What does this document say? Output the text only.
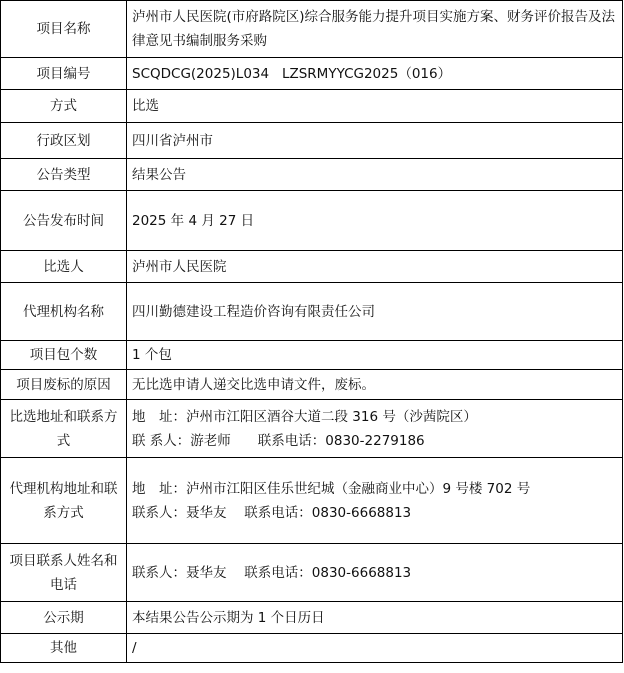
项目名称	泸州市人民医院(市府路院区)综合服务能力提升项目实施方案、财务评价报告及法律意见书编制服务采购
项目编号	SCQDCG(2025)L034   LZSRMYYCG2025（016）
方式	比选
行政区划	四川省泸州市
公告类型	结果公告
公告发布时间	2025 年 4 月 27 日
比选人	泸州市人民医院
代理机构名称	四川勤德建设工程造价咨询有限责任公司
项目包个数	1 个包
项目废标的原因	无比选申请人递交比选申请文件，废标。
比选地址和联系方式	地　址：泸州市江阳区酒谷大道二段 316 号（沙茜院区）
联 系人：游老师　　联系电话：0830-2279186

代理机构地址和联系方式	地　址：泸州市江阳区佳乐世纪城（金融商业中心）9 号楼 702 号
联系人：聂华友　 联系电话：0830-6668813

项目联系人姓名和电话	联系人：聂华友　 联系电话：0830-6668813
公示期	本结果公告公示期为 1 个日历日
其他	/
